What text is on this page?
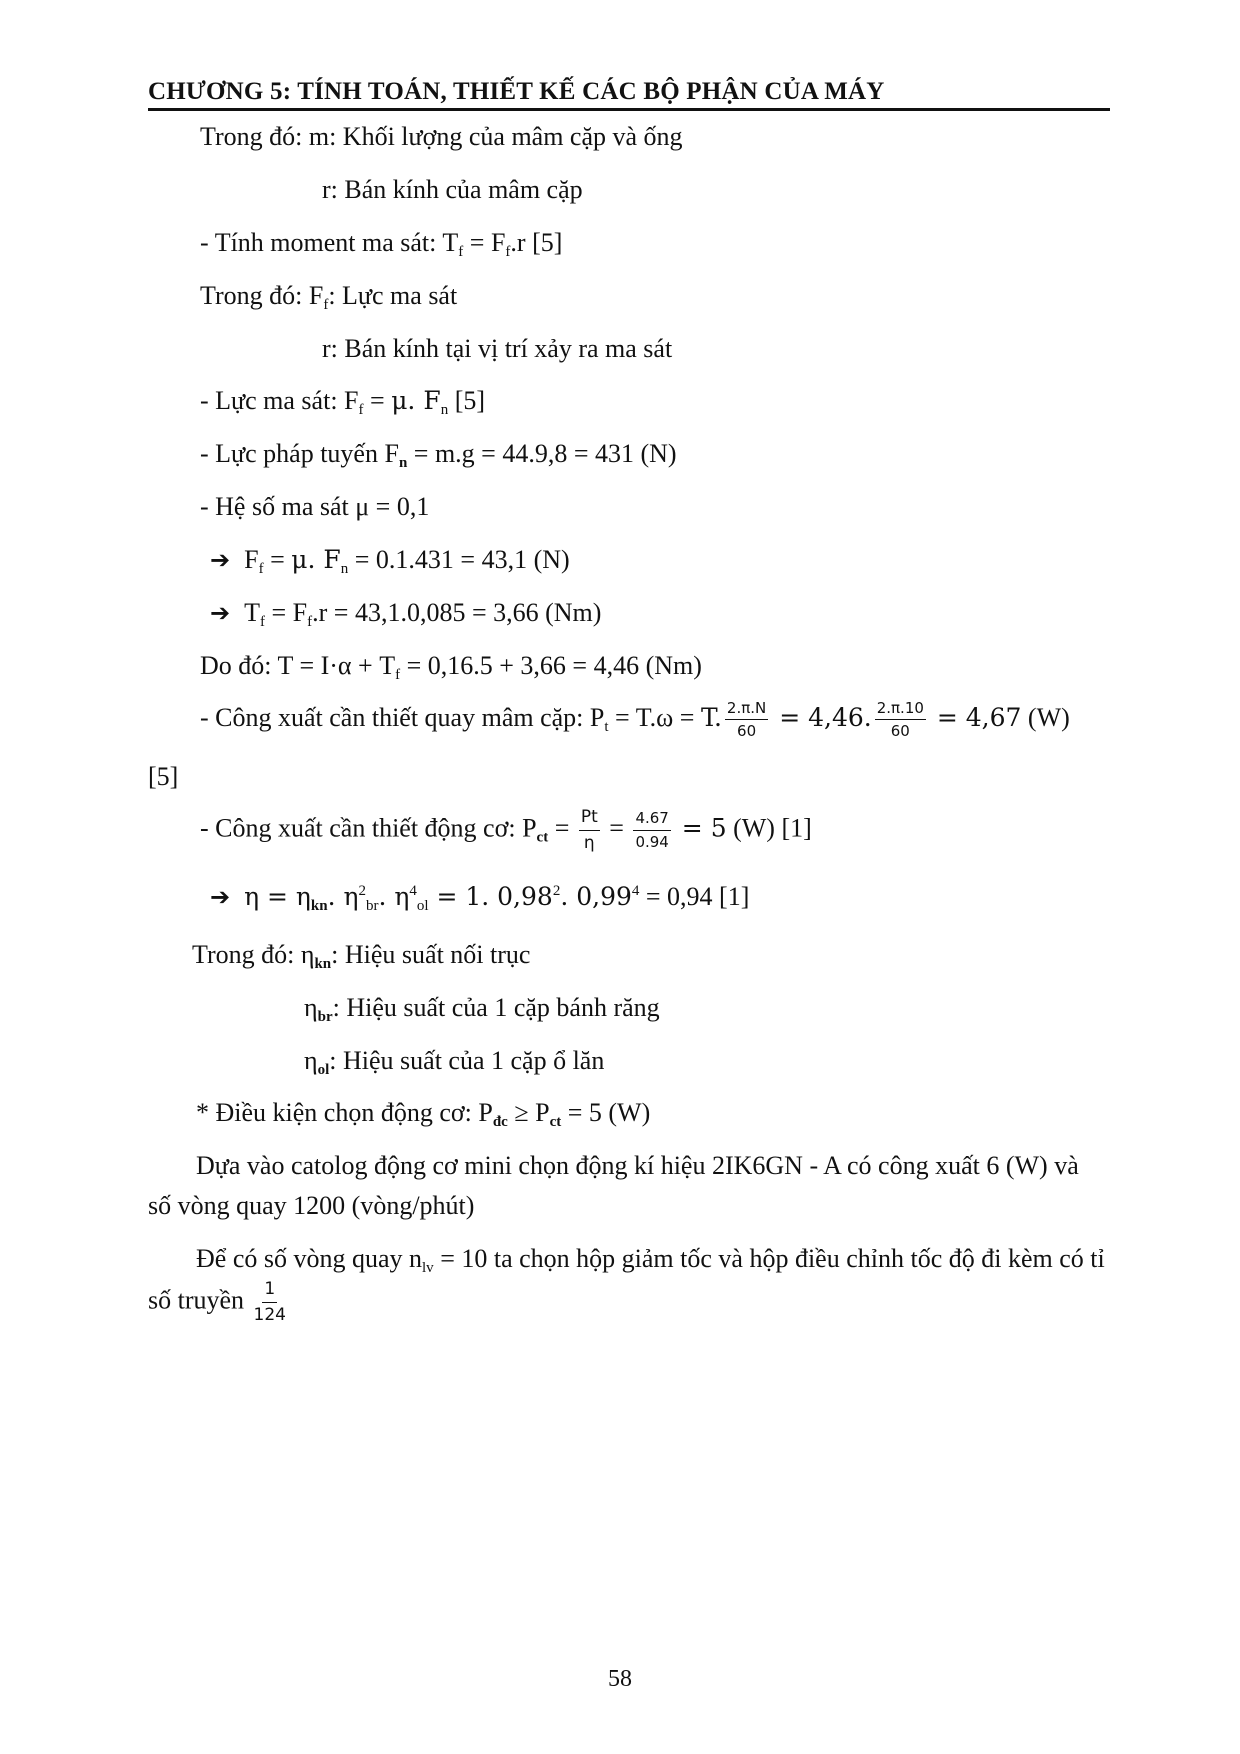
CHƯƠNG 5: TÍNH TOÁN, THIẾT KẾ CÁC BỘ PHẬN CỦA MÁY
Trong đó: m: Khối lượng của mâm cặp và ống
r: Bán kính của mâm cặp
- Tính moment ma sát: $T_f = F_f.r$ [5]
Trong đó: $F_f$: Lực ma sát
r: Bán kính tại vị trí xảy ra ma sát
- Lực ma sát: $F_f = \mu$. $F_n$ [5]
- Lực pháp tuyến $F_n = m.g = 44.9,8 = 431$ (N)
- Hệ số ma sát μ = 0,1
➔ $F_f = \mu$. $F_n = 0.1.431 = 43,1$ (N)
➔ $T_f = F_f.r = 43,1.0,085 = 3,66$ (Nm)
Do đó: $T = I\cdot\alpha + T_f = 0,16.5 + 3,66 = 4,46$ (Nm)
- Công xuất cần thiết quay mâm cặp: $P_t = T.\omega = T$. $\frac{2.\pi.N}{60} = 4,46$. $\frac{2.\pi.10}{60} = 4,67$ (W)
[5]
- Công xuất cần thiết động cơ: $P_{ct} = \frac{Pt}{\eta} = \frac{4.67}{0.94} = 5$ (W) [1]
➔ $\eta = \eta_{kn}$. $\eta^2_{br}$. $\eta^4_{ol} = 1$. 0,98$^2$. $0,99^4 = 0,94$ [1]
Trong đó: $\eta_{kn}$: Hiệu suất nối trục
$\eta_{br}$: Hiệu suất của 1 cặp bánh răng
$\eta_{ol}$: Hiệu suất của 1 cặp ổ lăn
* Điều kiện chọn động cơ: $P_{đc} \ge P_{ct} = 5$ (W)
Dựa vào catolog động cơ mini chọn động kí hiệu 2IK6GN - A có công xuất 6 (W) và
số vòng quay 1200 (vòng/phút)
Để có số vòng quay $n_{lv} = 10$ ta chọn hộp giảm tốc và hộp điều chỉnh tốc độ đi kèm có tỉ
số truyền $\frac{1}{124}$
58
